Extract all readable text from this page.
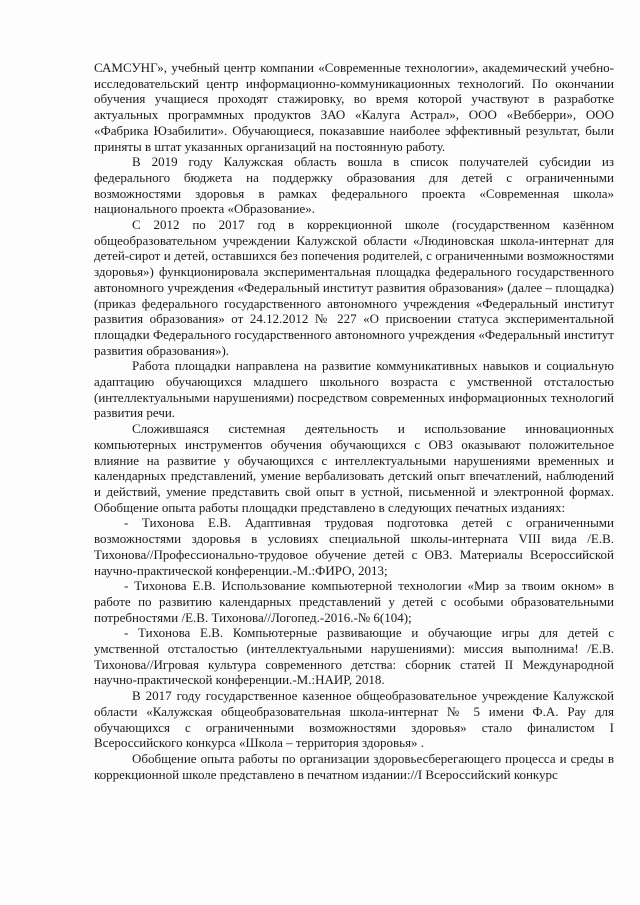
САМСУНГ», учебный центр компании «Современные технологии», академический учебно-исследовательский центр информационно-коммуникационных технологий. По окончании обучения учащиеся проходят стажировку, во время которой участвуют в разработке актуальных программных продуктов ЗАО «Калуга Астрал», ООО «Вебберри», ООО «Фабрика Юзабилити». Обучающиеся, показавшие наиболее эффективный результат, были приняты в штат указанных организаций на постоянную работу.

В 2019 году Калужская область вошла в список получателей субсидии из федерального бюджета на поддержку образования для детей с ограниченными возможностями здоровья в рамках федерального проекта «Современная школа» национального проекта «Образование».

С 2012 по 2017 год в коррекционной школе (государственном казённом общеобразовательном учреждении Калужской области «Людиновская школа-интернат для детей-сирот и детей, оставшихся без попечения родителей, с ограниченными возможностями здоровья») функционировала экспериментальная площадка федерального государственного автономного учреждения «Федеральный институт развития образования» (далее – площадка) (приказ федерального государственного автономного учреждения «Федеральный институт развития образования» от 24.12.2012 № 227 «О присвоении статуса экспериментальной площадки Федерального государственного автономного учреждения «Федеральный институт развития образования»).

Работа площадки направлена на развитие коммуникативных навыков и социальную адаптацию обучающихся младшего школьного возраста с умственной отсталостью (интеллектуальными нарушениями) посредством современных информационных технологий развития речи.

Сложившаяся системная деятельность и использование инновационных компьютерных инструментов обучения обучающихся с ОВЗ оказывают положительное влияние на развитие у обучающихся с интеллектуальными нарушениями временных и календарных представлений, умение вербализовать детский опыт впечатлений, наблюдений и действий, умение представить свой опыт в устной, письменной и электронной формах. Обобщение опыта работы площадки представлено в следующих печатных изданиях:

- Тихонова Е.В. Адаптивная трудовая подготовка детей с ограниченными возможностями здоровья в условиях специальной школы-интерната VIII вида /Е.В. Тихонова//Профессионально-трудовое обучение детей с ОВЗ. Материалы Всероссийской научно-практической конференции.-М.:ФИРО, 2013;

- Тихонова Е.В. Использование компьютерной технологии «Мир за твоим окном» в работе по развитию календарных представлений у детей с особыми образовательными потребностями /Е.В. Тихонова//Логопед.-2016.-№ 6(104);

- Тихонова Е.В. Компьютерные развивающие и обучающие игры для детей с умственной отсталостью (интеллектуальными нарушениями): миссия выполнима! /Е.В. Тихонова//Игровая культура современного детства: сборник статей II Международной научно-практической конференции.-М.:НАИР, 2018.

В 2017 году государственное казенное общеобразовательное учреждение Калужской области «Калужская общеобразовательная школа-интернат № 5 имени Ф.А. Рау для обучающихся с ограниченными возможностями здоровья» стало финалистом I Всероссийского конкурса «Школа – территория здоровья» .

Обобщение опыта работы по организации здоровьесберегающего процесса и среды в коррекционной школе представлено в печатном издании://I Всероссийский конкурс
